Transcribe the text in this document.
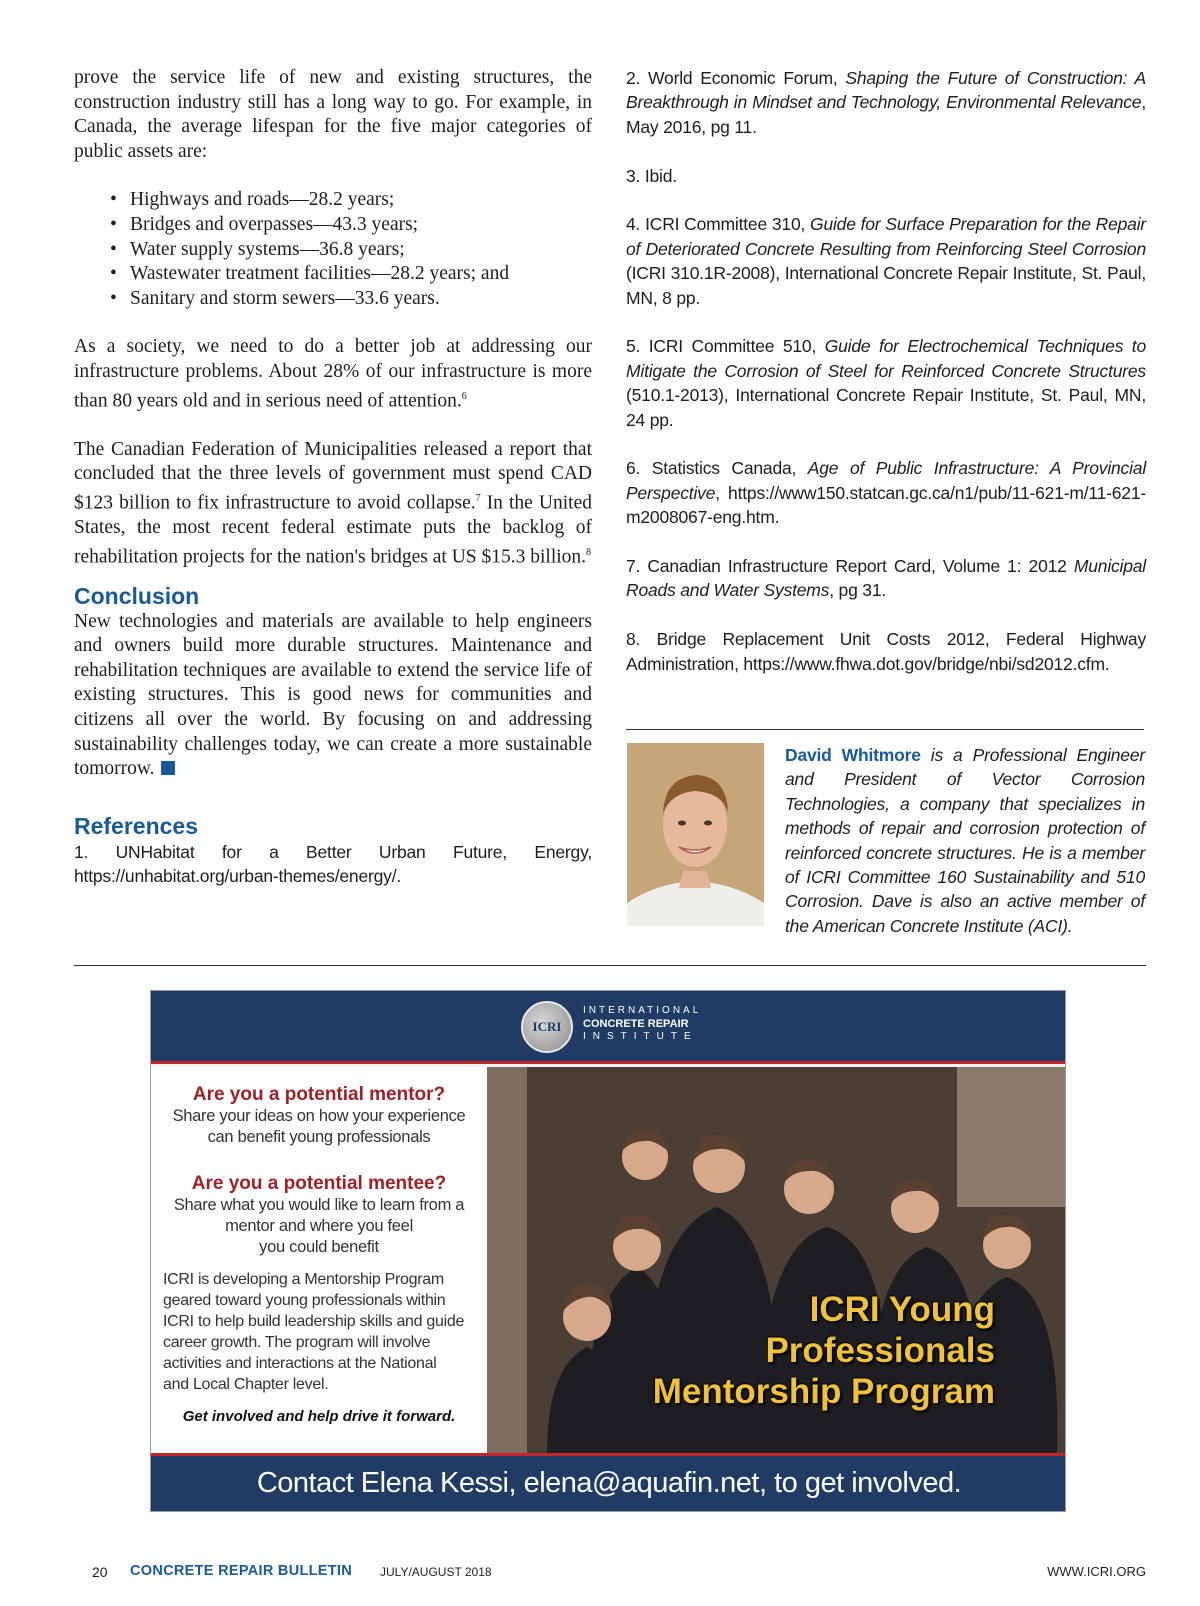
prove the service life of new and existing structures, the construction industry still has a long way to go. For example, in Canada, the average lifespan for the five major categories of public assets are:

• Highways and roads—28.2 years;
• Bridges and overpasses—43.3 years;
• Water supply systems—36.8 years;
• Wastewater treatment facilities—28.2 years; and
• Sanitary and storm sewers—33.6 years.

As a society, we need to do a better job at addressing our infrastructure problems. About 28% of our infrastructure is more than 80 years old and in serious need of attention.$^6$

The Canadian Federation of Municipalities released a report that concluded that the three levels of government must spend CAD $123 billion to fix infrastructure to avoid collapse.$^7$ In the United States, the most recent federal estimate puts the backlog of rehabilitation projects for the nation's bridges at US $15.3 billion.$^8$

Conclusion

New technologies and materials are available to help engineers and owners build more durable structures. Maintenance and rehabilitation techniques are available to extend the service life of existing structures. This is good news for communities and citizens all over the world. By focusing on and addressing sustainability challenges today, we can create a more sustainable tomorrow.

References

1. UNHabitat for a Better Urban Future, Energy, https://unhabitat.org/urban-themes/energy/.

2. World Economic Forum, Shaping the Future of Construction: A Breakthrough in Mindset and Technology, Environmental Relevance, May 2016, pg 11.

3. Ibid.

4. ICRI Committee 310, Guide for Surface Preparation for the Repair of Deteriorated Concrete Resulting from Reinforcing Steel Corrosion (ICRI 310.1R-2008), International Concrete Repair Institute, St. Paul, MN, 8 pp.

5. ICRI Committee 510, Guide for Electrochemical Techniques to Mitigate the Corrosion of Steel for Reinforced Concrete Structures (510.1-2013), International Concrete Repair Institute, St. Paul, MN, 24 pp.

6. Statistics Canada, Age of Public Infrastructure: A Provincial Perspective, https://www150.statcan.gc.ca/n1/pub/11-621-m/11-621-m2008067-eng.htm.

7. Canadian Infrastructure Report Card, Volume 1: 2012 Municipal Roads and Water Systems, pg 31.

8. Bridge Replacement Unit Costs 2012, Federal Highway Administration, https://www.fhwa.dot.gov/bridge/nbi/sd2012.cfm.

David Whitmore is a Professional Engineer and President of Vector Corrosion Technologies, a company that specializes in methods of repair and corrosion protection of reinforced concrete structures. He is a member of ICRI Committee 160 Sustainability and 510 Corrosion. Dave is also an active member of the American Concrete Institute (ACI).

ICRI
INTERNATIONAL
CONCRETE REPAIR
INSTITUTE
Are you a potential mentor?
Share your ideas on how your experience
can benefit young professionals
Are you a potential mentee?
Share what you would like to learn from a
mentor and where you feel
you could benefit
ICRI is developing a Mentorship Program geared toward young professionals within ICRI to help build leadership skills and guide career growth. The program will involve activities and interactions at the National and Local Chapter level.
Get involved and help drive it forward.
ICRI Young
Professionals
Mentorship Program
Contact Elena Kessi, elena@aquafin.net, to get involved.
20 CONCRETE REPAIR BULLETIN JULY/AUGUST 2018	WWW.ICRI.ORG
